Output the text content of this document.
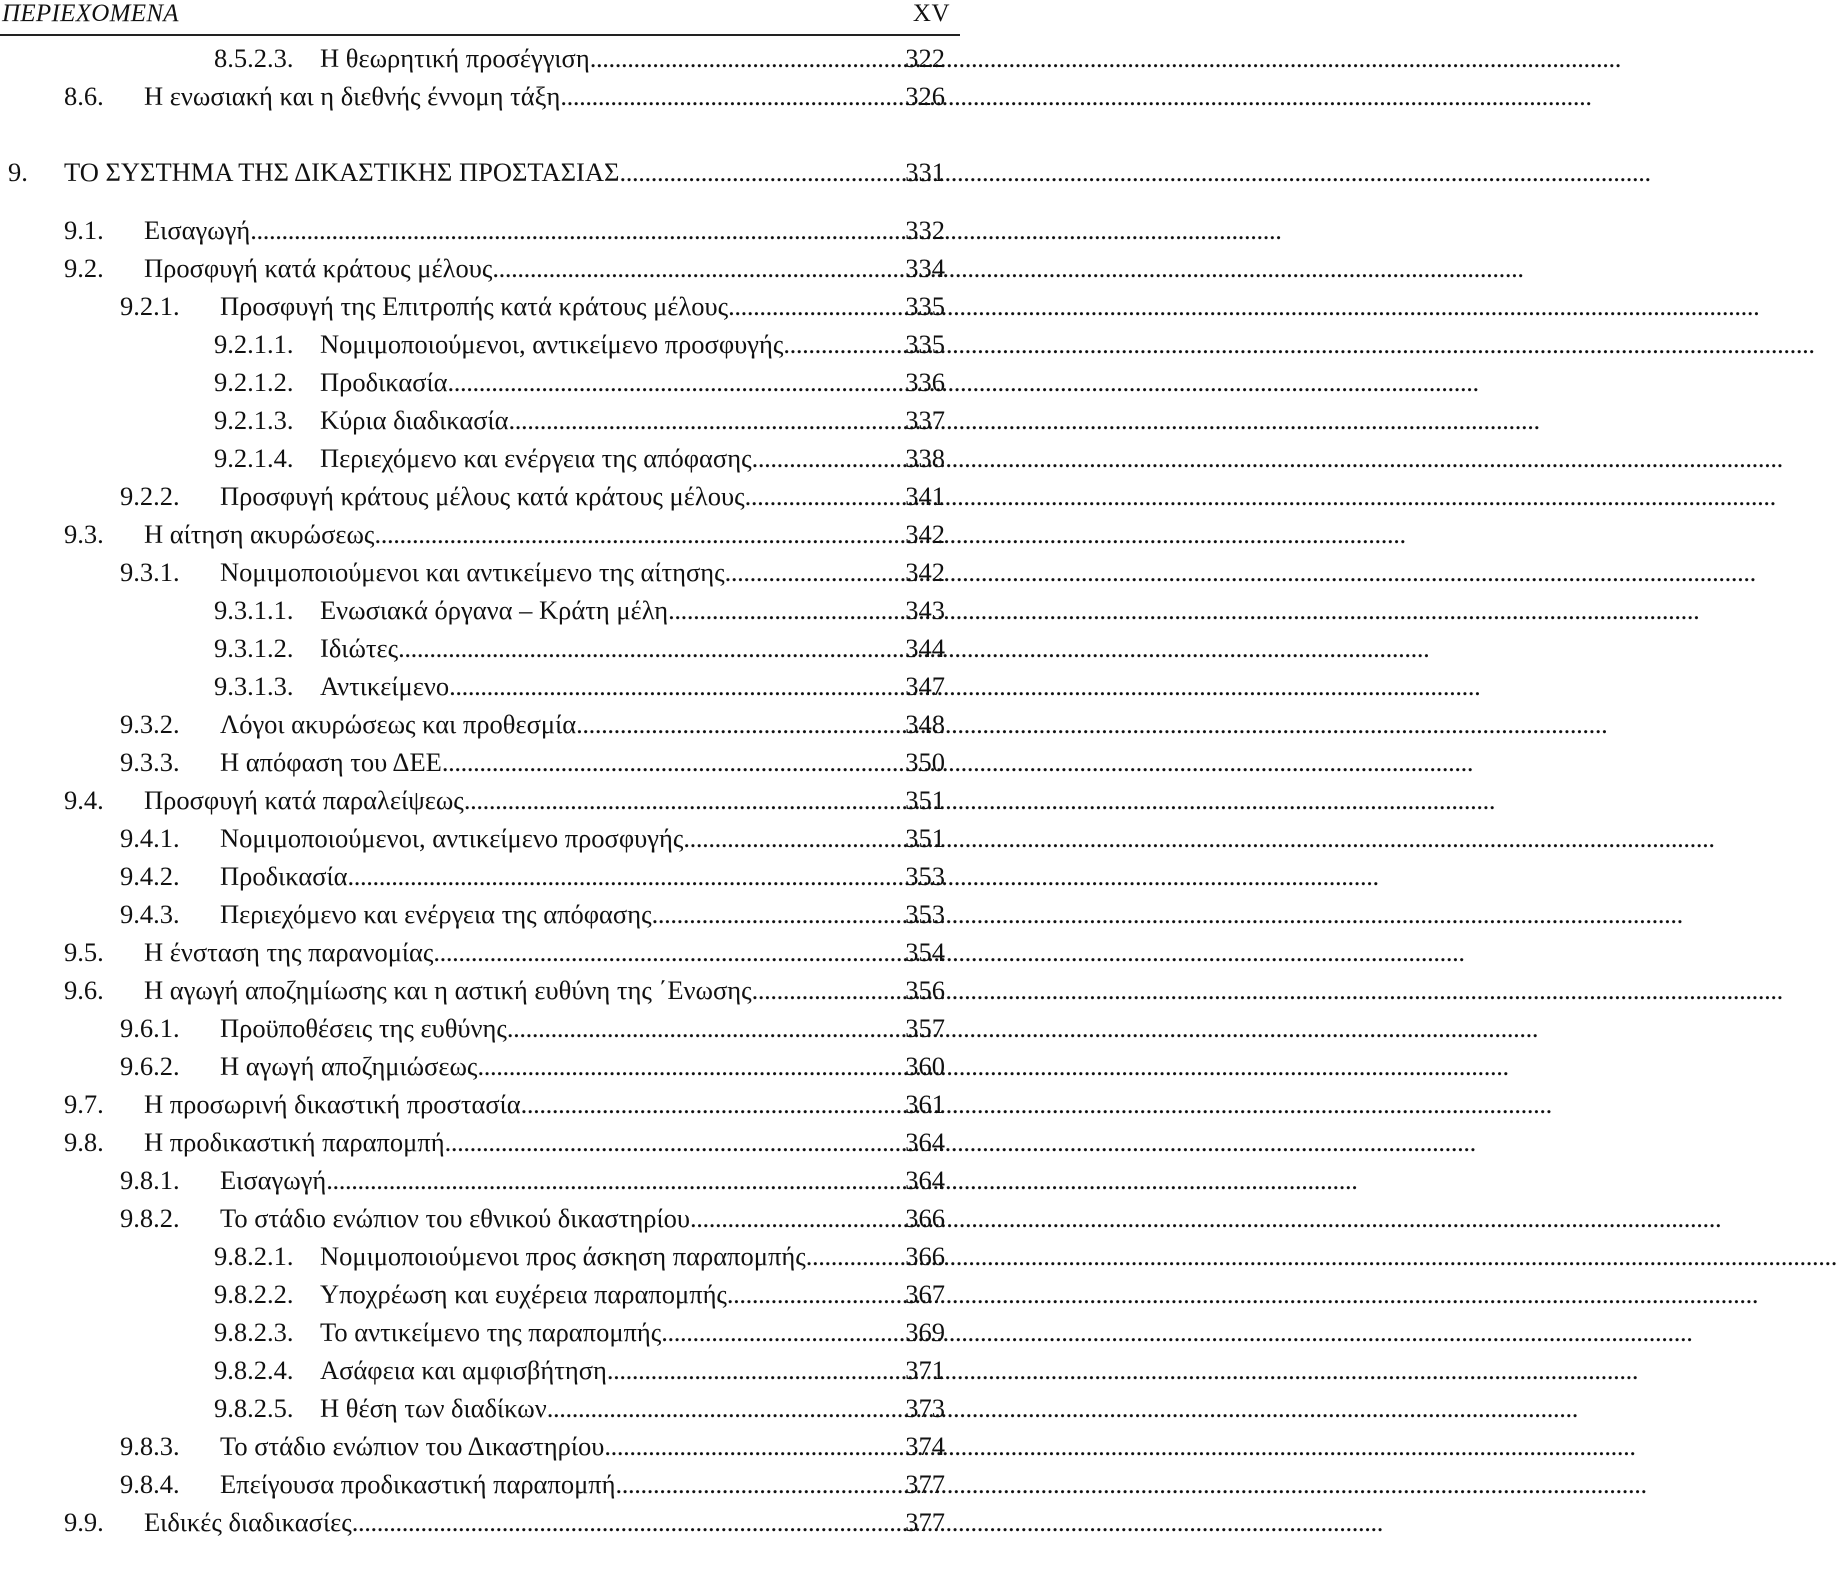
ΠΕΡΙΕΧΟΜΕΝΑ	XV
8.5.2.3.	Η θεωρητική προσέγγιση . . .	322
8.6.	Η ενωσιακή και η διεθνής έννομη τάξη . . .	326
9.	ΤΟ ΣΥΣΤΗΜΑ ΤΗΣ ΔΙΚΑΣΤΙΚΗΣ ΠΡΟΣΤΑΣΙΑΣ . . .	331
9.1.	Εισαγωγή . . .	332
9.2.	Προσφυγή κατά κράτους μέλους . . .	334
9.2.1.	Προσφυγή της Επιτροπής κατά κράτους μέλους . . .	335
9.2.1.1.	Νομιμοποιούμενοι, αντικείμενο προσφυγής . . .	335
9.2.1.2.	Προδικασία . . .	336
9.2.1.3.	Κύρια διαδικασία . . .	337
9.2.1.4.	Περιεχόμενο και ενέργεια της απόφασης . . .	338
9.2.2.	Προσφυγή κράτους μέλους κατά κράτους μέλους . . .	341
9.3.	Η αίτηση ακυρώσεως . . .	342
9.3.1.	Νομιμοποιούμενοι και αντικείμενο της αίτησης . . .	342
9.3.1.1.	Ενωσιακά όργανα – Κράτη μέλη . . .	343
9.3.1.2.	Ιδιώτες . . .	344
9.3.1.3.	Αντικείμενο . . .	347
9.3.2.	Λόγοι ακυρώσεως και προθεσμία . . .	348
9.3.3.	Η απόφαση του ΔΕΕ . . .	350
9.4.	Προσφυγή κατά παραλείψεως . . .	351
9.4.1.	Νομιμοποιούμενοι, αντικείμενο προσφυγής . . .	351
9.4.2.	Προδικασία . . .	353
9.4.3.	Περιεχόμενο και ενέργεια της απόφασης . . .	353
9.5.	Η ένσταση της παρανομίας . . .	354
9.6.	Η αγωγή αποζημίωσης και η αστική ευθύνη της ΄Ενωσης . . .	356
9.6.1.	Προϋποθέσεις της ευθύνης . . .	357
9.6.2.	Η αγωγή αποζημιώσεως . . .	360
9.7.	Η προσωρινή δικαστική προστασία . . .	361
9.8.	Η προδικαστική παραπομπή . . .	364
9.8.1.	Εισαγωγή . . .	364
9.8.2.	Το στάδιο ενώπιον του εθνικού δικαστηρίου . . .	366
9.8.2.1.	Νομιμοποιούμενοι προς άσκηση παραπομπής . . .	366
9.8.2.2.	Υποχρέωση και ευχέρεια παραπομπής . . .	367
9.8.2.3.	Το αντικείμενο της παραπομπής . . .	369
9.8.2.4.	Ασάφεια και αμφισβήτηση . . .	371
9.8.2.5.	Η θέση των διαδίκων . . .	373
9.8.3.	Το στάδιο ενώπιον του Δικαστηρίου . . .	374
9.8.4.	Επείγουσα προδικαστική παραπομπή . . .	377
9.9.	Ειδικές διαδικασίες . . .	377
